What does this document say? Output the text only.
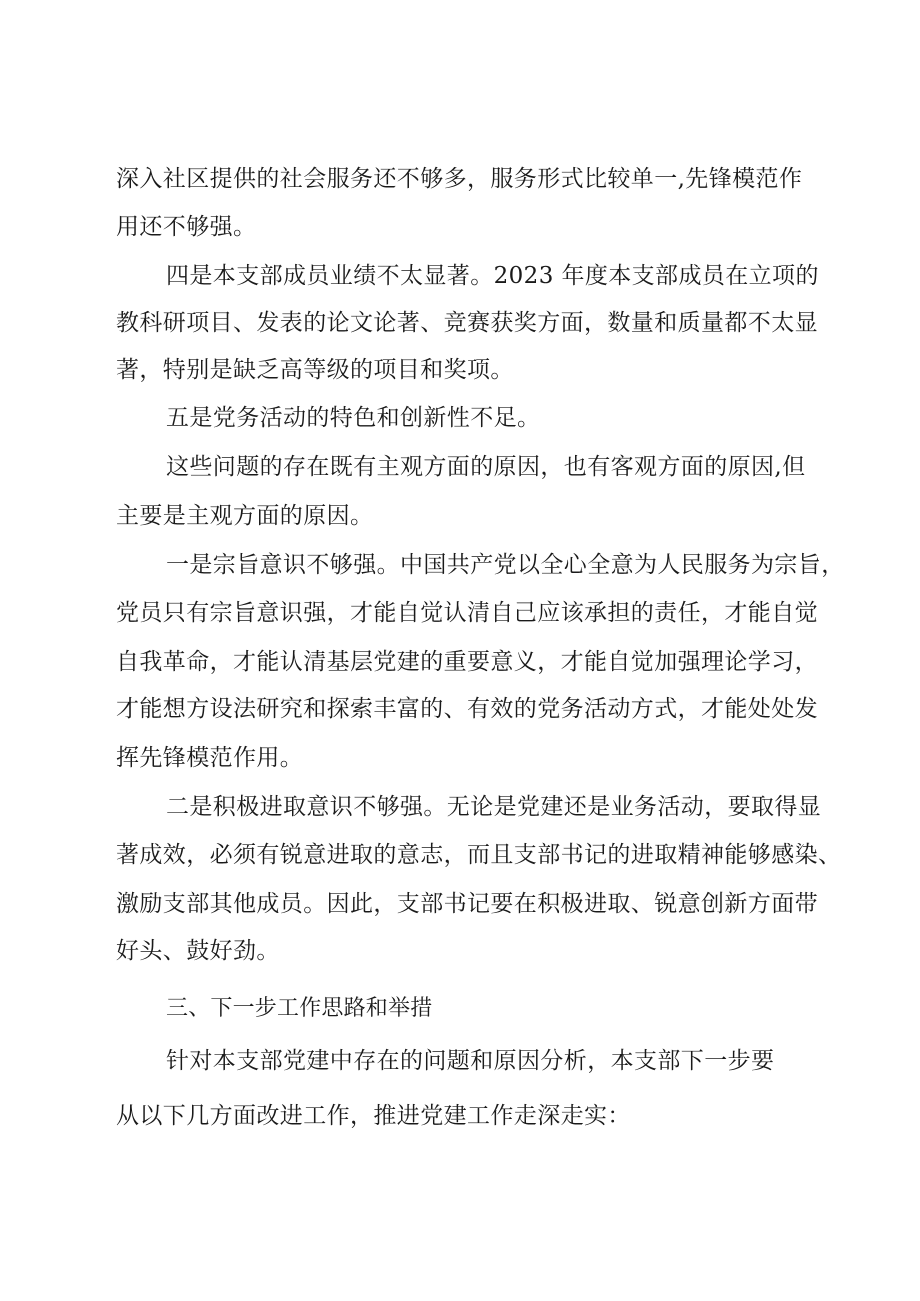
深入社区提供的社会服务还不够多，服务形式比较单一,先锋模范作
用还不够强。
四是本支部成员业绩不太显著。2023 年度本支部成员在立项的
教科研项目、发表的论文论著、竞赛获奖方面，数量和质量都不太显
著，特别是缺乏高等级的项目和奖项。
五是党务活动的特色和创新性不足。
这些问题的存在既有主观方面的原因，也有客观方面的原因,但
主要是主观方面的原因。
一是宗旨意识不够强。中国共产党以全心全意为人民服务为宗旨，
党员只有宗旨意识强，才能自觉认清自己应该承担的责任，才能自觉
自我革命，才能认清基层党建的重要意义，才能自觉加强理论学习，
才能想方设法研究和探索丰富的、有效的党务活动方式，才能处处发
挥先锋模范作用。
二是积极进取意识不够强。无论是党建还是业务活动，要取得显
著成效，必须有锐意进取的意志，而且支部书记的进取精神能够感染、
激励支部其他成员。因此，支部书记要在积极进取、锐意创新方面带
好头、鼓好劲。
三、下一步工作思路和举措
针对本支部党建中存在的问题和原因分析，本支部下一步要
从以下几方面改进工作，推进党建工作走深走实：
